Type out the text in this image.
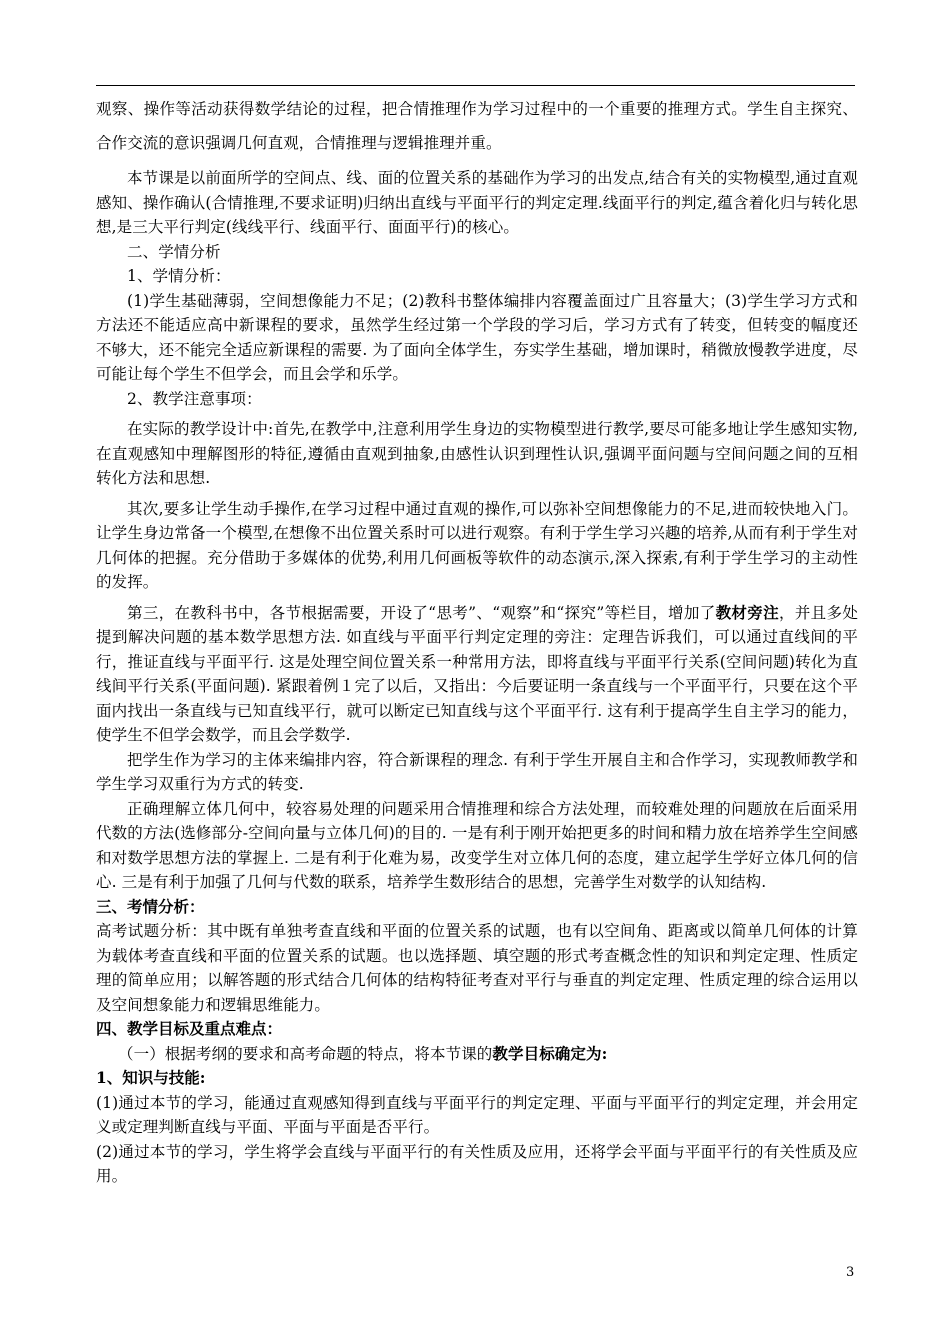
观察、操作等活动获得数学结论的过程，把合情推理作为学习过程中的一个重要的推理方式。学生自主探究、合作交流的意识强调几何直观，合情推理与逻辑推理并重。

本节课是以前面所学的空间点、线、面的位置关系的基础作为学习的出发点,结合有关的实物模型,通过直观感知、操作确认(合情推理,不要求证明)归纳出直线与平面平行的判定定理.线面平行的判定,蕴含着化归与转化思想,是三大平行判定(线线平行、线面平行、面面平行)的核心。

二、学情分析

1、学情分析：

(1)学生基础薄弱，空间想像能力不足；(2)教科书整体编排内容覆盖面过广且容量大；(3)学生学习方式和方法还不能适应高中新课程的要求，虽然学生经过第一个学段的学习后，学习方式有了转变，但转变的幅度还不够大，还不能完全适应新课程的需要. 为了面向全体学生，夯实学生基础，增加课时，稍微放慢教学进度，尽可能让每个学生不但学会，而且会学和乐学。

2、教学注意事项：

在实际的教学设计中:首先,在教学中,注意利用学生身边的实物模型进行教学,要尽可能多地让学生感知实物,在直观感知中理解图形的特征,遵循由直观到抽象,由感性认识到理性认识,强调平面问题与空间问题之间的互相转化方法和思想.

其次,要多让学生动手操作,在学习过程中通过直观的操作,可以弥补空间想像能力的不足,进而较快地入门。让学生身边常备一个模型,在想像不出位置关系时可以进行观察。有利于学生学习兴趣的培养,从而有利于学生对几何体的把握。充分借助于多媒体的优势,利用几何画板等软件的动态演示,深入探索,有利于学生学习的主动性的发挥。

第三，在教科书中，各节根据需要，开设了“思考”、“观察”和“探究”等栏目，增加了教材旁注，并且多处提到解决问题的基本数学思想方法. 如直线与平面平行判定定理的旁注：定理告诉我们，可以通过直线间的平行，推证直线与平面平行. 这是处理空间位置关系一种常用方法，即将直线与平面平行关系(空间问题)转化为直线间平行关系(平面问题). 紧跟着例１完了以后，又指出：今后要证明一条直线与一个平面平行，只要在这个平面内找出一条直线与已知直线平行，就可以断定已知直线与这个平面平行. 这有利于提高学生自主学习的能力，使学生不但学会数学，而且会学数学.

把学生作为学习的主体来编排内容，符合新课程的理念. 有利于学生开展自主和合作学习，实现教师教学和学生学习双重行为方式的转变.

正确理解立体几何中，较容易处理的问题采用合情推理和综合方法处理，而较难处理的问题放在后面采用代数的方法(选修部分-空间向量与立体几何)的目的. 一是有利于刚开始把更多的时间和精力放在培养学生空间感和对数学思想方法的掌握上. 二是有利于化难为易，改变学生对立体几何的态度，建立起学生学好立体几何的信心. 三是有利于加强了几何与代数的联系，培养学生数形结合的思想，完善学生对数学的认知结构.

三、考情分析：

高考试题分析：其中既有单独考查直线和平面的位置关系的试题，也有以空间角、距离或以简单几何体的计算为载体考查直线和平面的位置关系的试题。也以选择题、填空题的形式考查概念性的知识和判定定理、性质定理的简单应用；以解答题的形式结合几何体的结构特征考查对平行与垂直的判定定理、性质定理的综合运用以及空间想象能力和逻辑思维能力。

四、教学目标及重点难点：

（一）根据考纲的要求和高考命题的特点，将本节课的教学目标确定为:

1、知识与技能:

(1)通过本节的学习，能通过直观感知得到直线与平面平行的判定定理、平面与平面平行的判定定理，并会用定义或定理判断直线与平面、平面与平面是否平行。

(2)通过本节的学习，学生将学会直线与平面平行的有关性质及应用，还将学会平面与平面平行的有关性质及应用。

3
